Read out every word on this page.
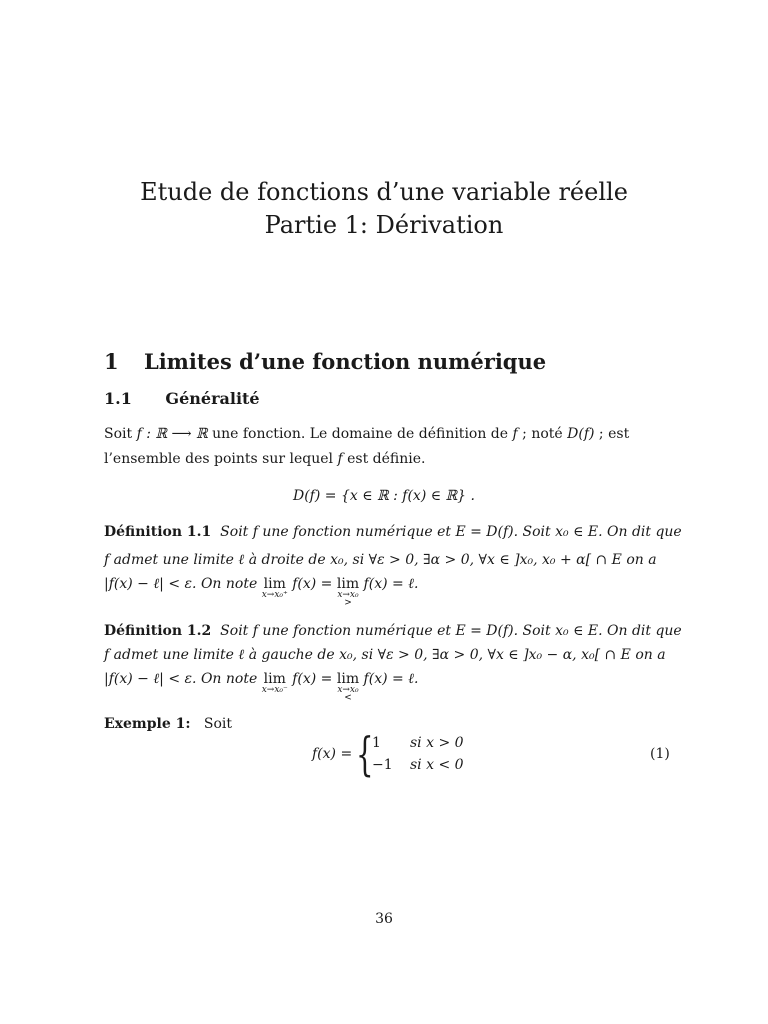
Etude de fonctions d’une variable réelle
Partie 1: Dérivation
1 Limites d’une fonction numérique
1.1 Généralité
Soit f : ℝ ⟶ ℝ une fonction. Le domaine de définition de f ; noté D(f) ; est
l’ensemble des points sur lequel f est définie.
D(f) = {x ∈ ℝ : f(x) ∈ ℝ} .
Définition 1.1 Soit f une fonction numérique et E = D(f). Soit x₀ ∈ E. On dit que
f admet une limite ℓ à droite de x₀, si ∀ε > 0, ∃α > 0, ∀x ∈ ]x₀, x₀ + α[ ∩ E on a
|f(x) − ℓ| < ε. On note lim
x→x₀⁺
f(x) = lim
x→x₀
>
f(x) = ℓ.
Définition 1.2 Soit f une fonction numérique et E = D(f). Soit x₀ ∈ E. On dit que
f admet une limite ℓ à gauche de x₀, si ∀ε > 0, ∃α > 0, ∀x ∈ ]x₀ − α, x₀[ ∩ E on a
|f(x) − ℓ| < ε. On note lim
x→x₀⁻
f(x) = lim
x→x₀
<
f(x) = ℓ.
Exemple 1: Soit
f(x) = {
1 si x > 0
−1 si x < 0
(1)
36
